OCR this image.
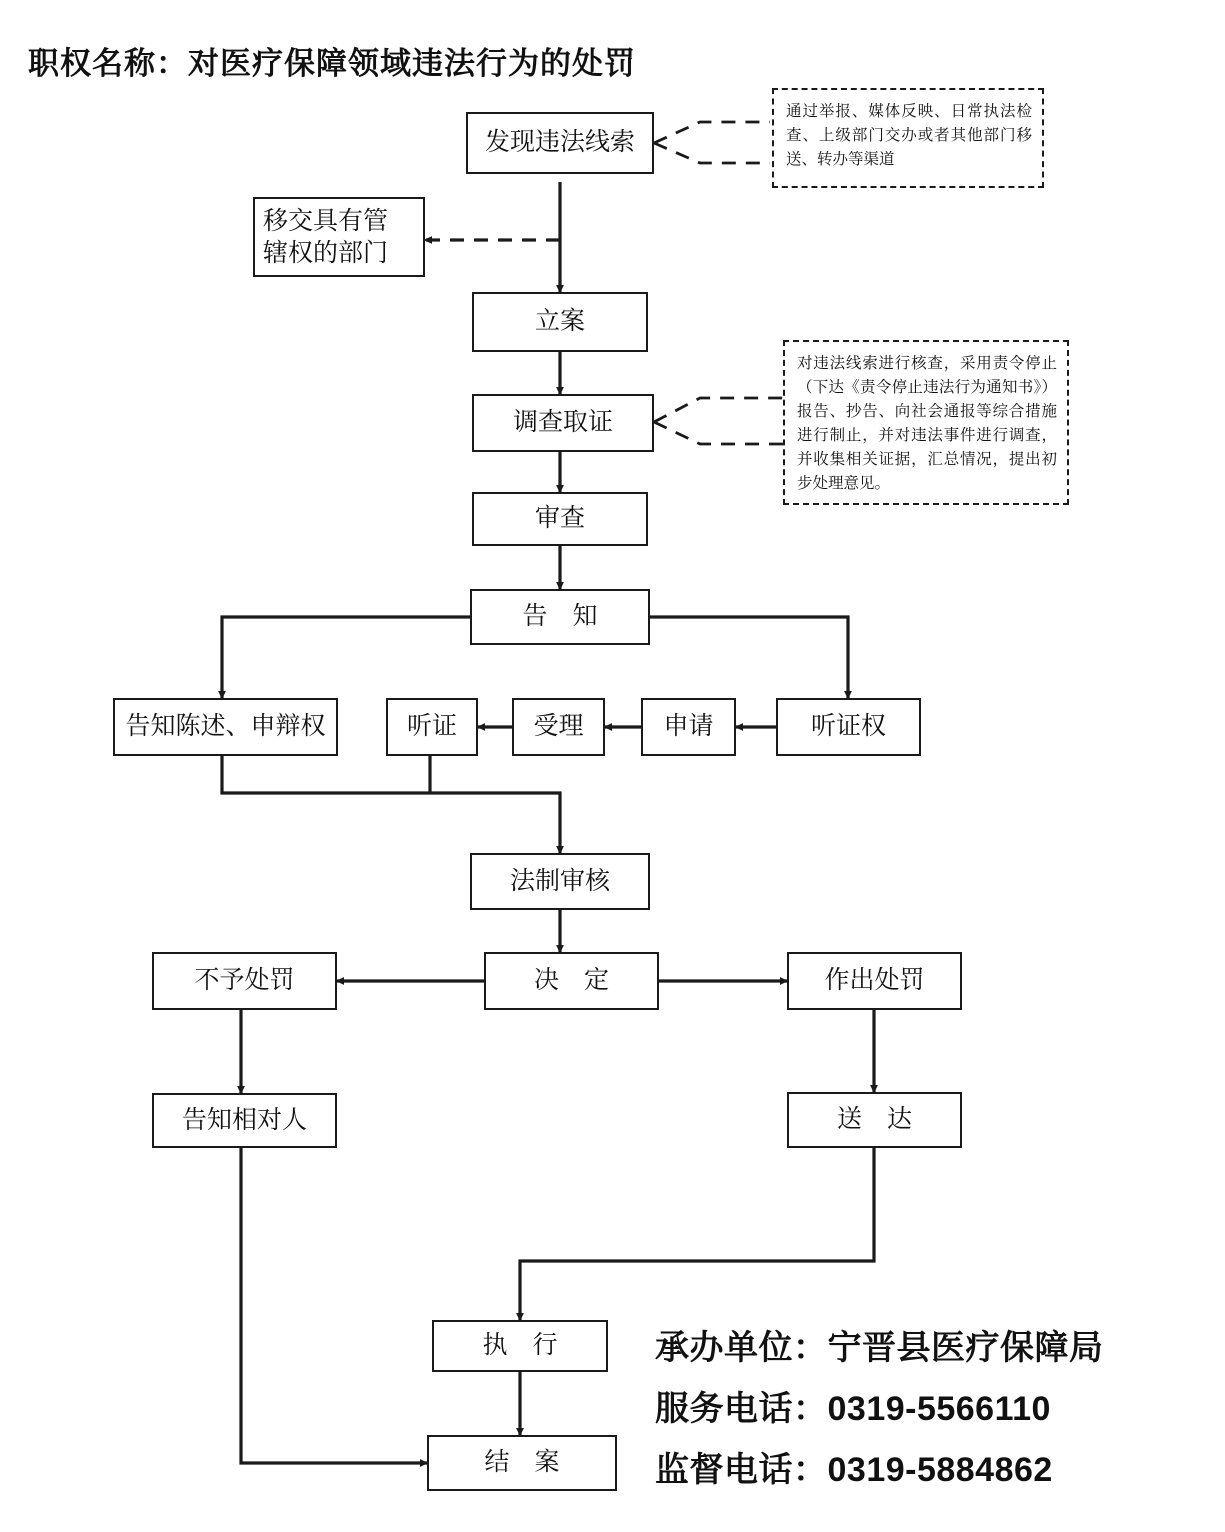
职权名称：对医疗保障领域违法行为的处罚
发现违法线索
移交具有管
辖权的部门
立案
调查取证
审查
告　知
告知陈述、申辩权	听证	受理	申请	听证权
法制审核
决　定
不予处罚	作出处罚
告知相对人	送　达
执　行
结　案
通过举报、媒体反映、日常执法检查、上级部门交办或者其他部门移送、转办等渠道
对违法线索进行核查，采用责令停止（下达《责令停止违法行为通知书》）报告、抄告、向社会通报等综合措施进行制止，并对违法事件进行调查，并收集相关证据，汇总情况，提出初步处理意见。
承办单位：宁晋县医疗保障局
服务电话：0319-5566110
监督电话：0319-5884862
